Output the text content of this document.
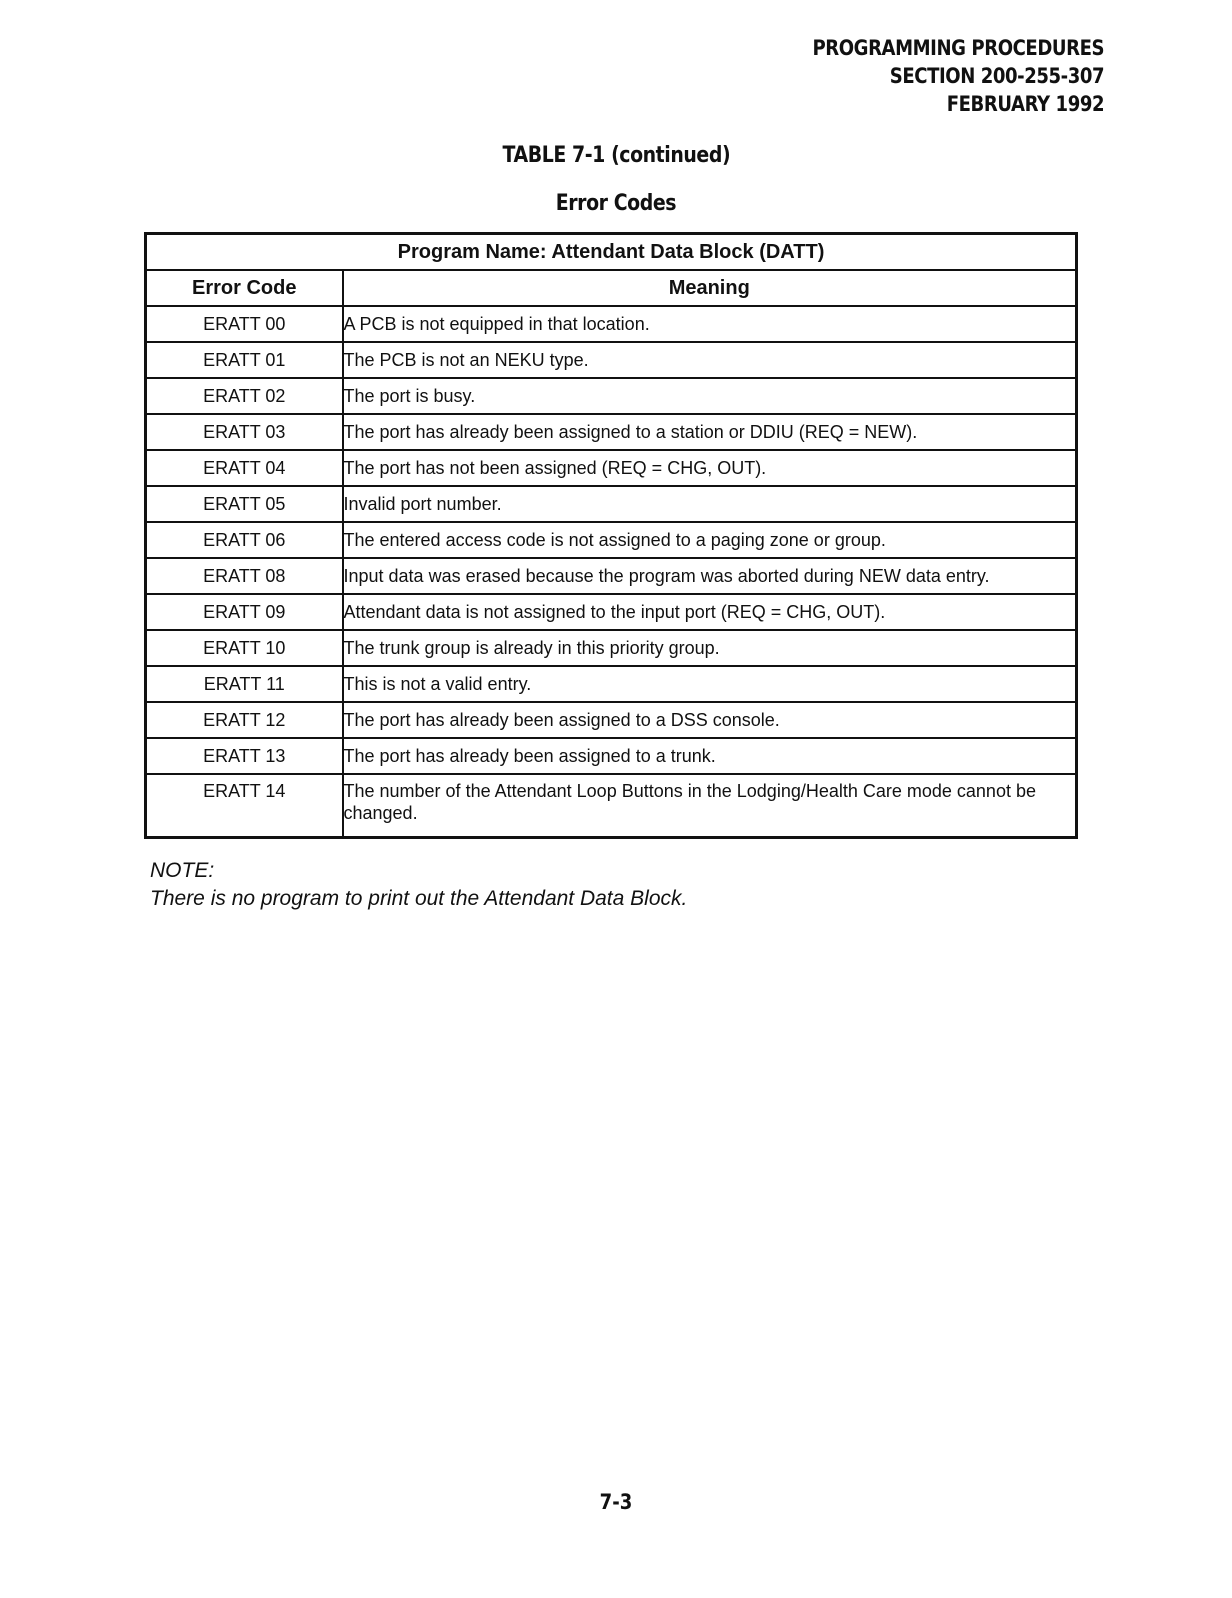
PROGRAMMING PROCEDURES
SECTION 200-255-307
FEBRUARY 1992
TABLE 7-1 (continued)
Error Codes
Program Name: Attendant Data Block (DATT)	
Error Code	Meaning
ERATT 00	A PCB is not equipped in that location.
ERATT 01	The PCB is not an NEKU type.
ERATT 02	The port is busy.
ERATT 03	The port has already been assigned to a station or DDIU (REQ = NEW).
ERATT 04	The port has not been assigned (REQ = CHG, OUT).
ERATT 05	Invalid port number.
ERATT 06	The entered access code is not assigned to a paging zone or group.
ERATT 08	Input data was erased because the program was aborted during NEW data entry.
ERATT 09	Attendant data is not assigned to the input port (REQ = CHG, OUT).
ERATT 10	The trunk group is already in this priority group.
ERATT 11	This is not a valid entry.
ERATT 12	The port has already been assigned to a DSS console.
ERATT 13	The port has already been assigned to a trunk.
ERATT 14	The number of the Attendant Loop Buttons in the Lodging/Health Care mode cannot be changed.
NOTE:
There is no program to print out the Attendant Data Block.
7-3
